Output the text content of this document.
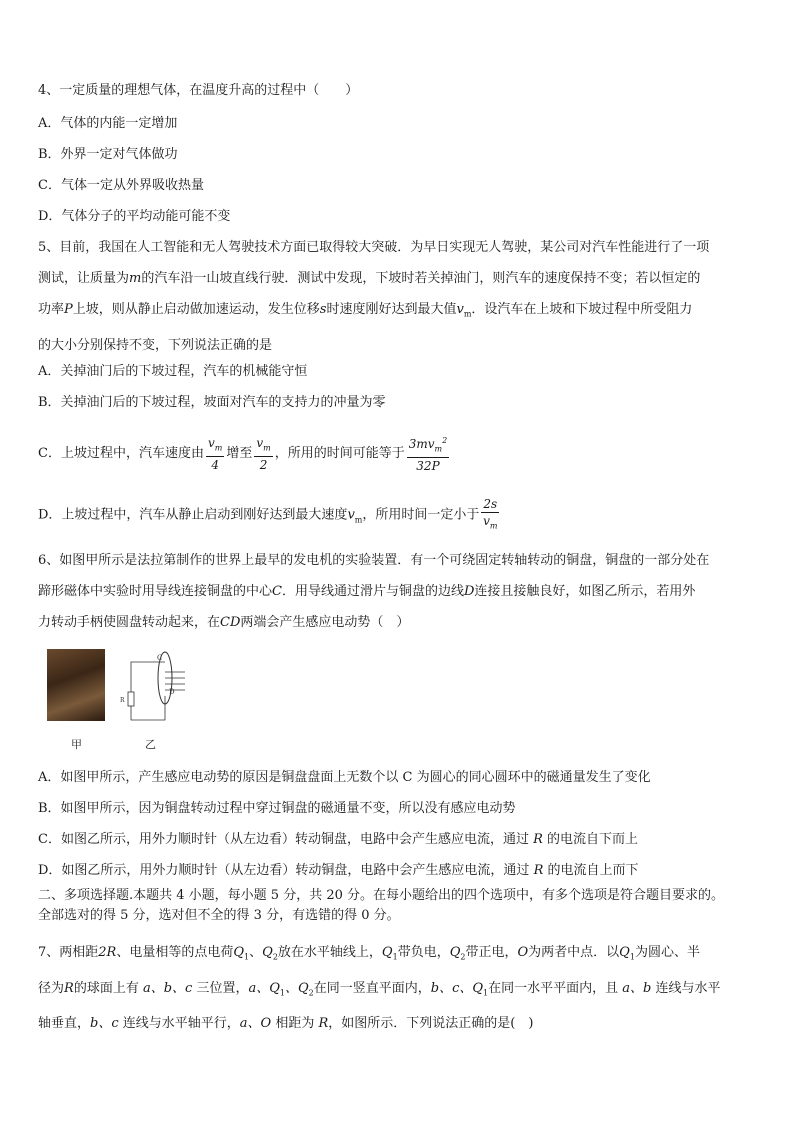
4、一定质量的理想气体，在温度升高的过程中（　　）
A．气体的内能一定增加
B．外界一定对气体做功
C．气体一定从外界吸收热量
D．气体分子的平均动能可能不变
5、目前，我国在人工智能和无人驾驶技术方面已取得较大突破．为早日实现无人驾驶，某公司对汽车性能进行了一项
测试，让质量为m的汽车沿一山坡直线行驶．测试中发现，下坡时若关掉油门，则汽车的速度保持不变；若以恒定的
功率P上坡，则从静止启动做加速运动，发生位移s时速度刚好达到最大值$v_m$．设汽车在上坡和下坡过程中所受阻力
的大小分别保持不变，下列说法正确的是
A．关掉油门后的下坡过程，汽车的机械能守恒
B．关掉油门后的下坡过程，坡面对汽车的支持力的冲量为零
C．上坡过程中，汽车速度由 $\frac{v_m}{4}$ 增至 $\frac{v_m}{2}$ ，所用的时间可能等于 $\frac{3mv_m^2}{32P}$
D．上坡过程中，汽车从静止启动到刚好达到最大速度$v_m$，所用时间一定小于 $\frac{2s}{v_m}$
6、如图甲所示是法拉第制作的世界上最早的发电机的实验装置．有一个可绕固定转轴转动的铜盘，铜盘的一部分处在
蹄形磁体中实验时用导线连接铜盘的中心C．用导线通过滑片与铜盘的边线D连接且接触良好，如图乙所示，若用外
力转动手柄使圆盘转动起来，在CD两端会产生感应电动势（　）
C
D
R
甲	乙
A．如图甲所示，产生感应电动势的原因是铜盘盘面上无数个以 C 为圆心的同心圆环中的磁通量发生了变化
B．如图甲所示，因为铜盘转动过程中穿过铜盘的磁通量不变，所以没有感应电动势
C．如图乙所示，用外力顺时针（从左边看）转动铜盘，电路中会产生感应电流，通过 R 的电流自下而上
D．如图乙所示，用外力顺时针（从左边看）转动铜盘，电路中会产生感应电流，通过 R 的电流自上而下
二、多项选择题.本题共 4 小题，每小题 5 分，共 20 分。在每小题给出的四个选项中，有多个选项是符合题目要求的。
全部选对的得 5 分，选对但不全的得 3 分，有选错的得 0 分。
7、两相距2R、电量相等的点电荷$Q_1$、$Q_2$放在水平轴线上，$Q_1$带负电，$Q_2$带正电，O为两者中点．以$Q_1$为圆心、半
径为R的球面上有 a、b、c 三位置，a、$Q_1$、$Q_2$在同一竖直平面内，b、c、$Q_1$在同一水平平面内，且 a、b 连线与水平
轴垂直，b、c 连线与水平轴平行，a、O 相距为 R，如图所示．下列说法正确的是(　)
